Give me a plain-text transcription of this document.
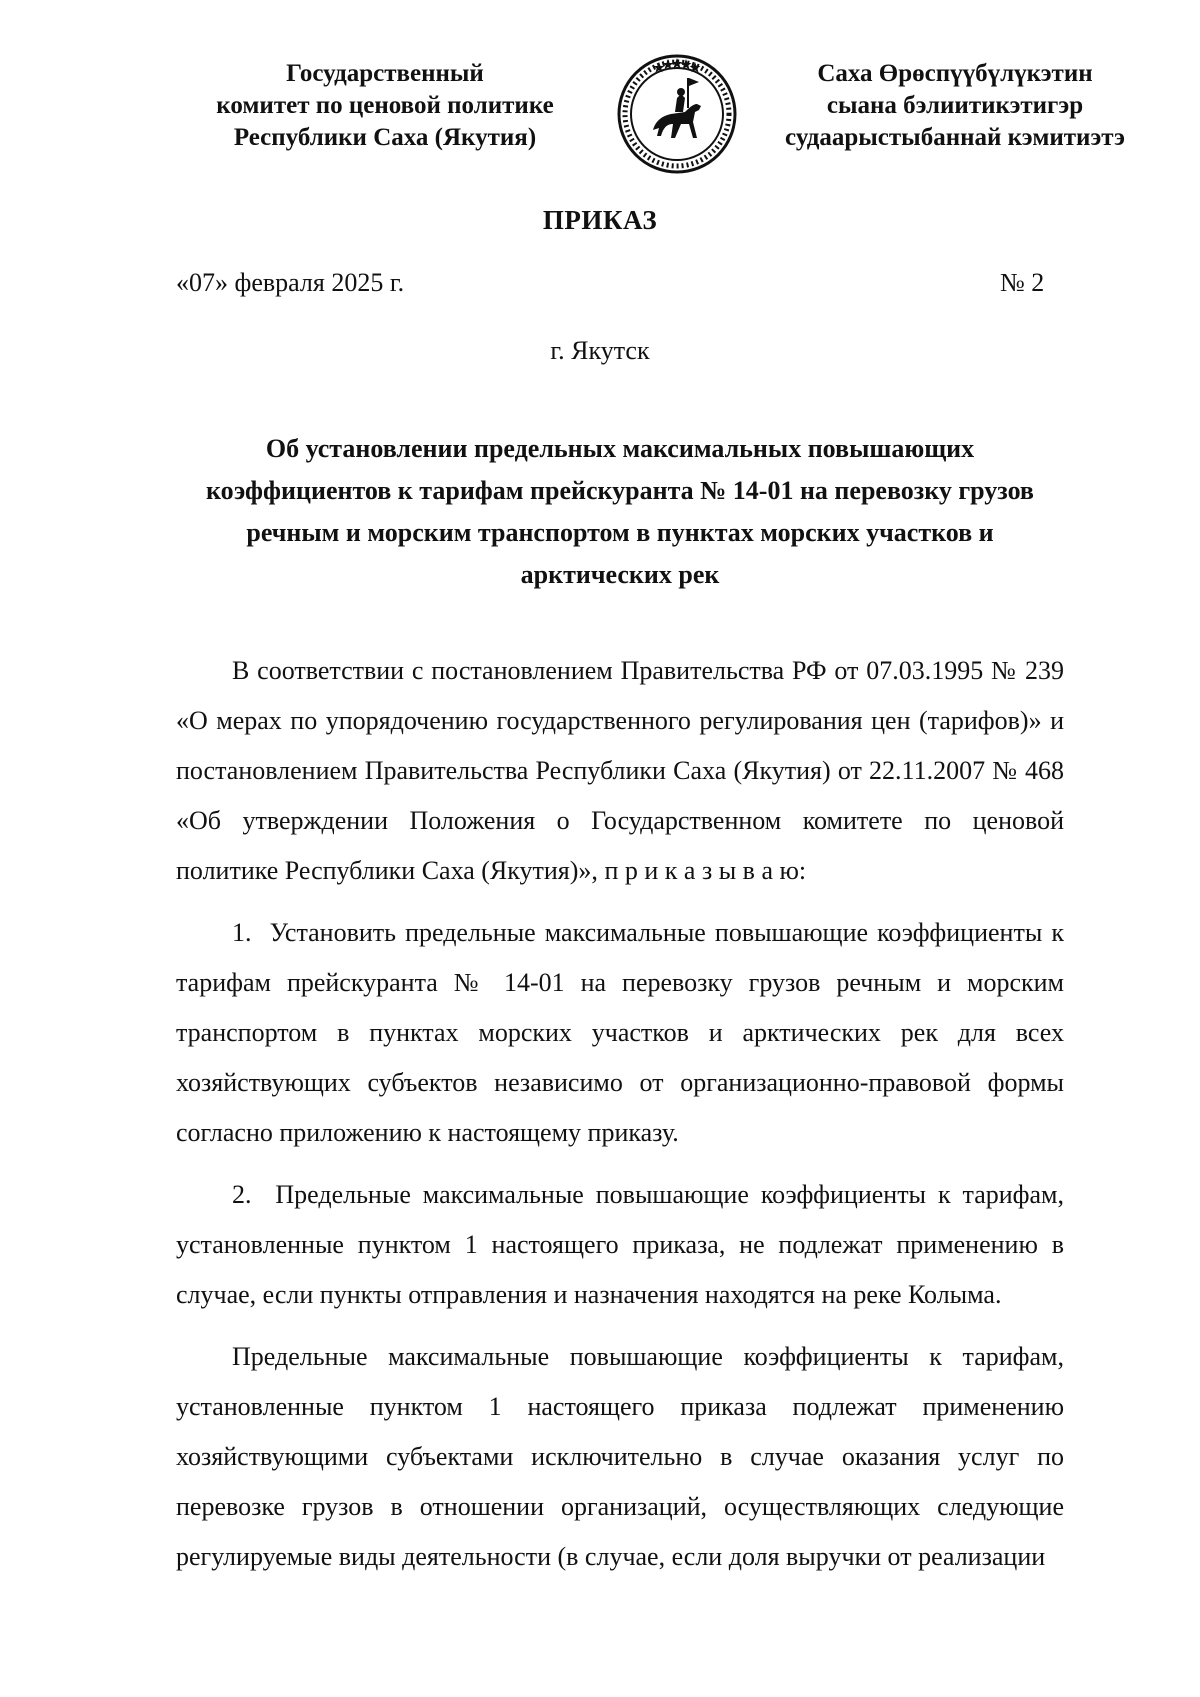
Государственный
комитет по ценовой политике
Республики Саха (Якутия)
Саха Өрөспүүбүлүкэтин
сыана бэлиитикэтигэр
судаарыстыбаннай кэмитиэтэ
ПРИКАЗ
«07» февраля 2025 г.	№ 2
г. Якутск
Об установлении предельных максимальных повышающих
коэффициентов к тарифам прейскуранта № 14-01 на перевозку грузов
речным и морским транспортом в пунктах морских участков и
арктических рек

В соответствии с постановлением Правительства РФ от 07.03.1995 № 239 «О мерах по упорядочению государственного регулирования цен (тарифов)» и постановлением Правительства Республики Саха (Якутия) от 22.11.2007 № 468 «Об утверждении Положения о Государственном комитете по ценовой политике Республики Саха (Якутия)», п р и к а з ы в а ю:

1.  Установить предельные максимальные повышающие коэффициенты к тарифам прейскуранта № 14-01 на перевозку грузов речным и морским транспортом в пунктах морских участков и арктических рек для всех хозяйствующих субъектов независимо от организационно-правовой формы согласно приложению к настоящему приказу.

2.  Предельные максимальные повышающие коэффициенты к тарифам, установленные пунктом 1 настоящего приказа, не подлежат применению в случае, если пункты отправления и назначения находятся на реке Колыма.

Предельные максимальные повышающие коэффициенты к тарифам, установленные пунктом 1 настоящего приказа подлежат применению хозяйствующими субъектами исключительно в случае оказания услуг по перевозке грузов в отношении организаций, осуществляющих следующие регулируемые виды деятельности (в случае, если доля выручки от реализации
